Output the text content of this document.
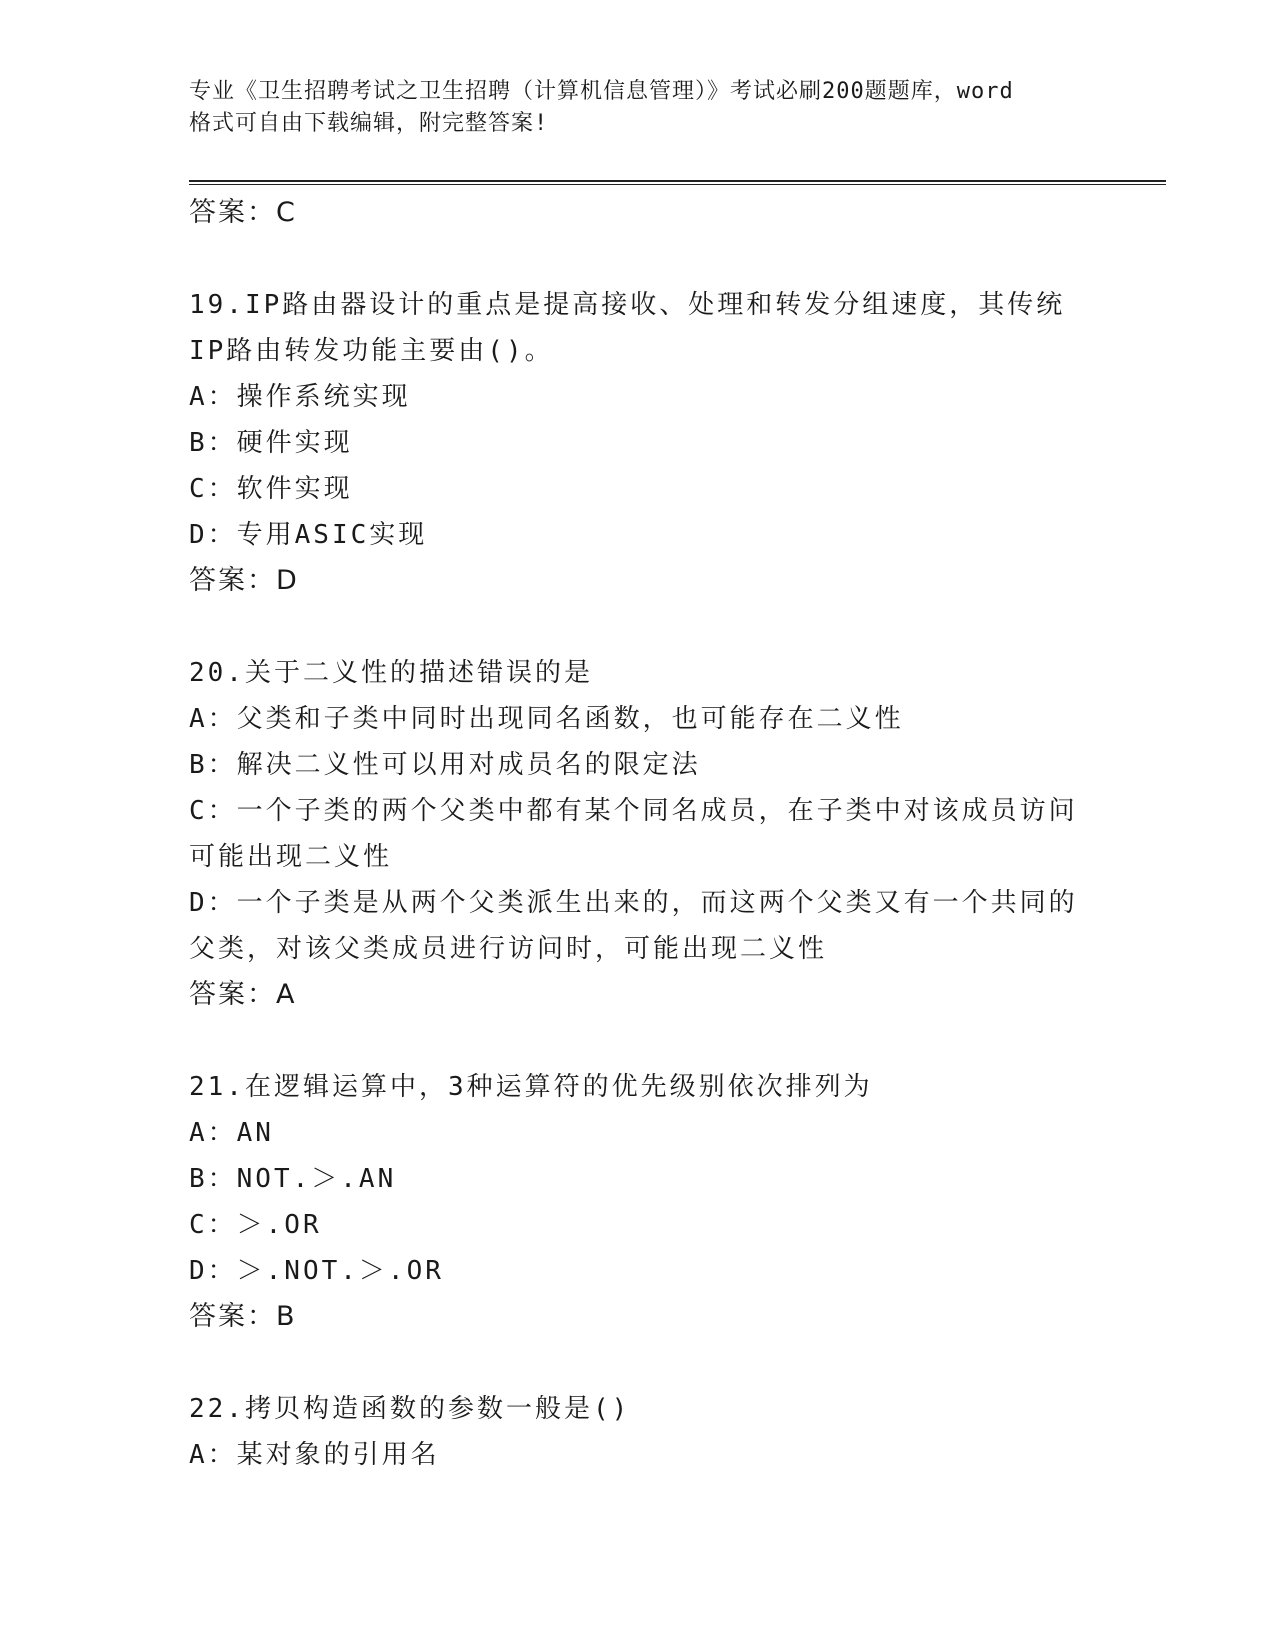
专业《卫生招聘考试之卫生招聘（计算机信息管理）》考试必刷200题题库，word
格式可自由下载编辑，附完整答案!
答案：C
19.IP路由器设计的重点是提高接收、处理和转发分组速度，其传统
IP路由转发功能主要由()。
A：操作系统实现
B：硬件实现
C：软件实现
D：专用ASIC实现
答案：D
20.关于二义性的描述错误的是
A：父类和子类中同时出现同名函数，也可能存在二义性
B：解决二义性可以用对成员名的限定法
C：一个子类的两个父类中都有某个同名成员，在子类中对该成员访问
可能出现二义性
D：一个子类是从两个父类派生出来的，而这两个父类又有一个共同的
父类，对该父类成员进行访问时，可能出现二义性
答案：A
21.在逻辑运算中，3种运算符的优先级别依次排列为
A：AN
B：NOT.＞.AN
C：＞.OR
D：＞.NOT.＞.OR
答案：B
22.拷贝构造函数的参数一般是()
A：某对象的引用名
